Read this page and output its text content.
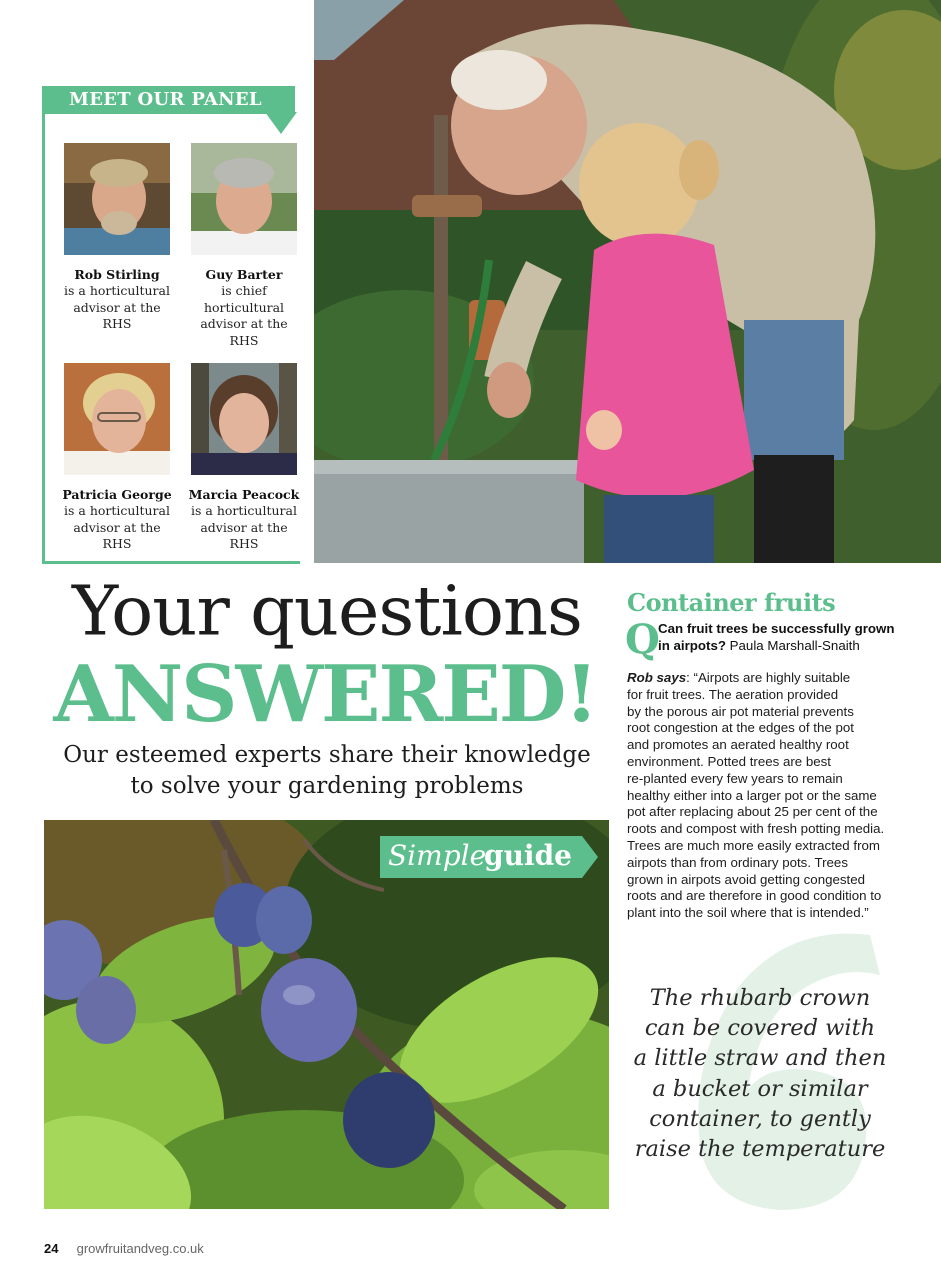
MEET OUR PANEL
Rob Stirling
is a horticultural
advisor at the
RHS
Guy Barter
is chief
horticultural
advisor at the
RHS
Patricia George
is a horticultural
advisor at the
RHS
Marcia Peacock
is a horticultural
advisor at the
RHS
Your questions
ANSWERED!
Our esteemed experts share their knowledge
to solve your gardening problems
Simple
guide
Container fruits
Q
Can fruit trees be successfully grown
in airpots? Paula Marshall-Snaith

Rob says: “Airpots are highly suitable

for fruit trees. The aeration provided

by the porous air pot material prevents

root congestion at the edges of the pot

and promotes an aerated healthy root

environment. Potted trees are best

re-planted every few years to remain

healthy either into a larger pot or the same

pot after replacing about 25 per cent of the

roots and compost with fresh potting media.

Trees are much more easily extracted from

airpots than from ordinary pots. Trees

grown in airpots avoid getting congested

roots and are therefore in good condition to

plant into the soil where that is intended.”

The rhubarb crown

can be covered with

a little straw and then

a bucket or similar

container, to gently

raise the temperature

24 growfruitandveg.co.uk
